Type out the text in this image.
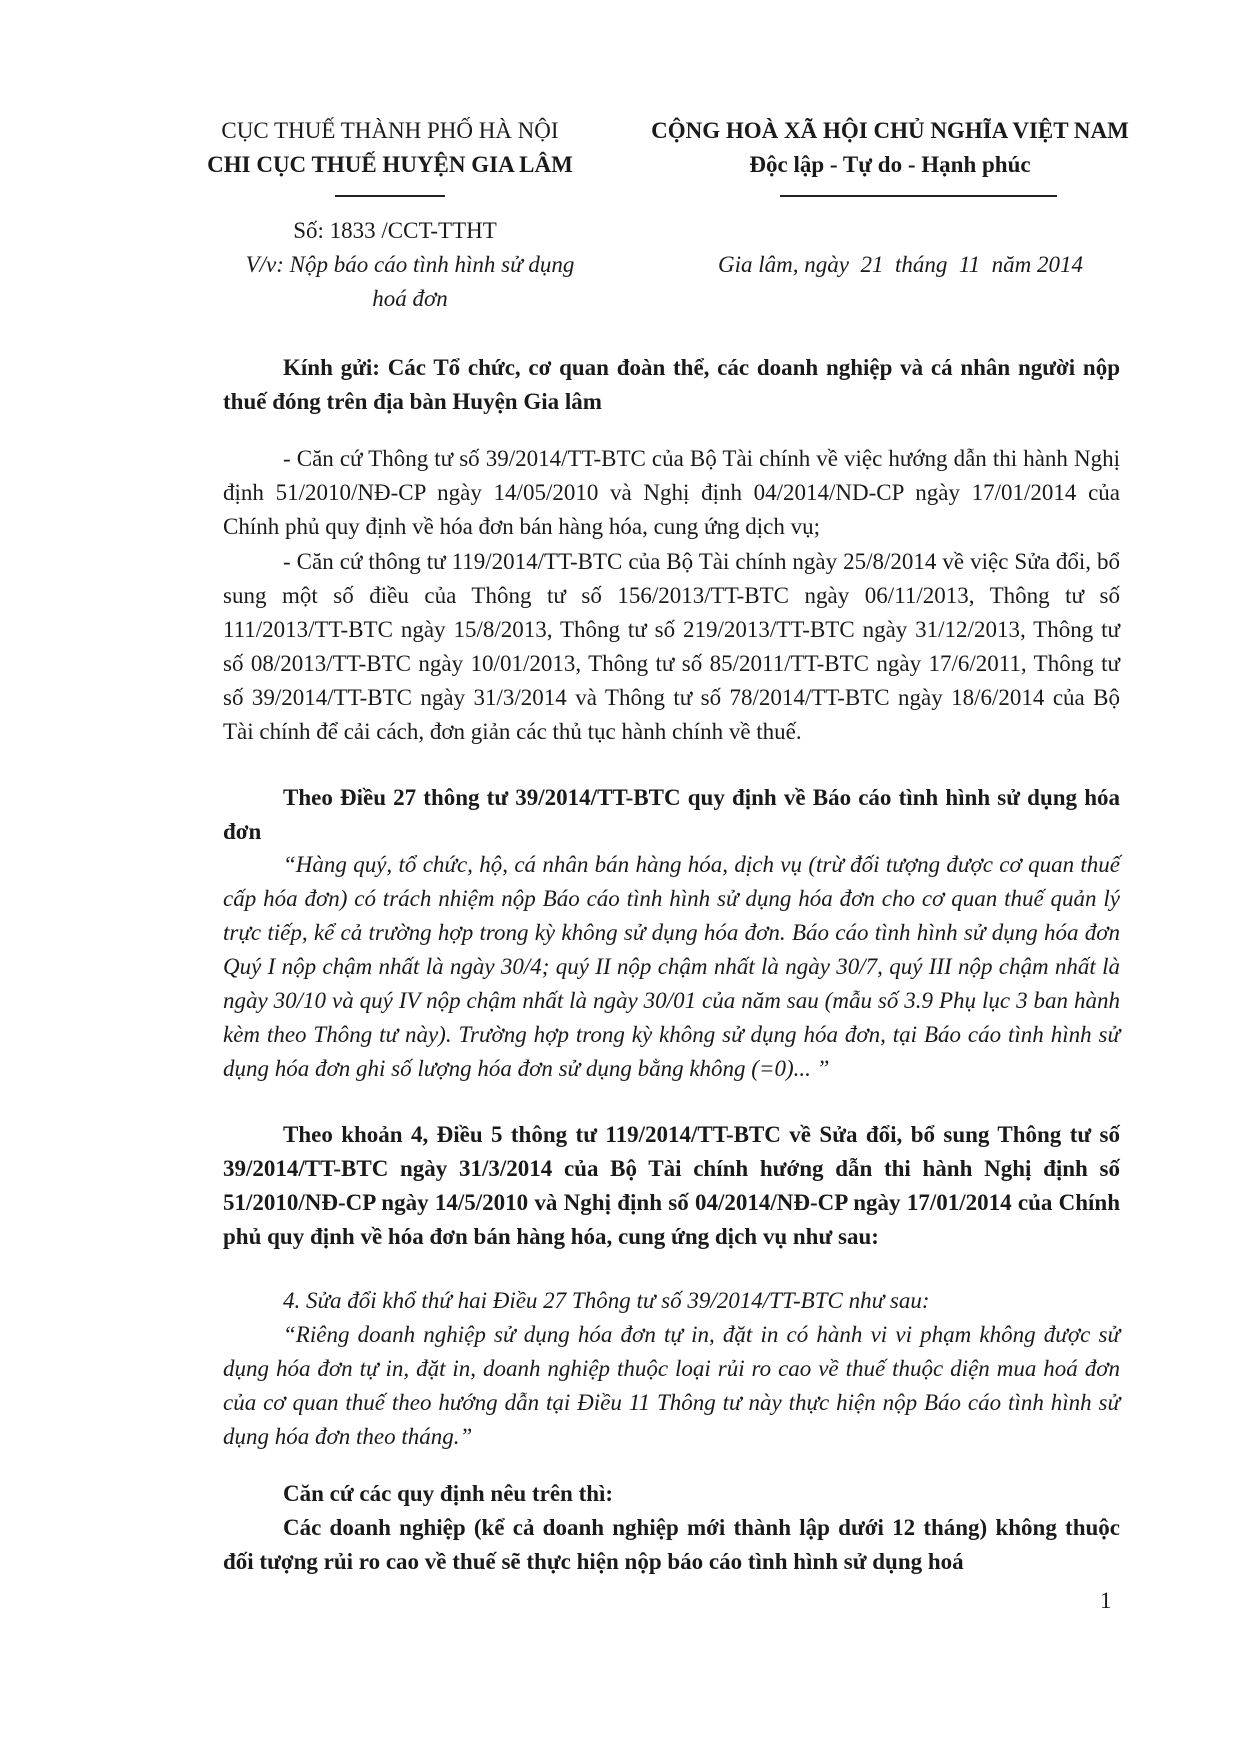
CỤC THUẾ THÀNH PHỐ HÀ NỘI
CHI CỤC THUẾ HUYỆN GIA LÂM
CỘNG HOÀ XÃ HỘI CHỦ NGHĨA VIỆT NAM
Độc lập - Tự do - Hạnh phúc
Số: 1833 /CCT-TTHT
V/v: Nộp báo cáo tình hình sử dụng
hoá đơn
Gia lâm, ngày  21  tháng  11  năm 2014

Kính gửi: Các Tổ chức, cơ quan đoàn thể, các doanh nghiệp và cá nhân người nộp thuế đóng trên địa bàn Huyện Gia lâm

- Căn cứ Thông tư số 39/2014/TT-BTC của Bộ Tài chính về việc hướng dẫn thi hành Nghị định 51/2010/NĐ-CP ngày 14/05/2010 và Nghị định 04/2014/ND-CP ngày 17/01/2014 của Chính phủ quy định về hóa đơn bán hàng hóa, cung ứng dịch vụ;

- Căn cứ thông tư 119/2014/TT-BTC của Bộ Tài chính ngày 25/8/2014 về việc Sửa đổi, bổ sung một số điều của Thông tư số 156/2013/TT-BTC ngày 06/11/2013, Thông tư số 111/2013/TT-BTC ngày 15/8/2013, Thông tư số 219/2013/TT-BTC ngày 31/12/2013, Thông tư số 08/2013/TT-BTC ngày 10/01/2013, Thông tư số 85/2011/TT-BTC ngày 17/6/2011, Thông tư số 39/2014/TT-BTC ngày 31/3/2014 và Thông tư số 78/2014/TT-BTC ngày 18/6/2014 của Bộ Tài chính để cải cách, đơn giản các thủ tục hành chính về thuế.

Theo Điều 27 thông tư 39/2014/TT-BTC quy định về Báo cáo tình hình sử dụng hóa đơn

“Hàng quý, tổ chức, hộ, cá nhân bán hàng hóa, dịch vụ (trừ đối tượng được cơ quan thuế cấp hóa đơn) có trách nhiệm nộp Báo cáo tình hình sử dụng hóa đơn cho cơ quan thuế quản lý trực tiếp, kể cả trường hợp trong kỳ không sử dụng hóa đơn. Báo cáo tình hình sử dụng hóa đơn Quý I nộp chậm nhất là ngày 30/4; quý II nộp chậm nhất là ngày 30/7, quý III nộp chậm nhất là ngày 30/10 và quý IV nộp chậm nhất là ngày 30/01 của năm sau (mẫu số 3.9 Phụ lục 3 ban hành kèm theo Thông tư này). Trường hợp trong kỳ không sử dụng hóa đơn, tại Báo cáo tình hình sử dụng hóa đơn ghi số lượng hóa đơn sử dụng bằng không (=0)... ”

Theo khoản 4, Điều 5 thông tư 119/2014/TT-BTC về Sửa đổi, bổ sung Thông tư số 39/2014/TT-BTC ngày 31/3/2014 của Bộ Tài chính hướng dẫn thi hành Nghị định số 51/2010/NĐ-CP ngày 14/5/2010 và Nghị định số 04/2014/NĐ-CP ngày 17/01/2014 của Chính phủ quy định về hóa đơn bán hàng hóa, cung ứng dịch vụ như sau:

4. Sửa đổi khổ thứ hai Điều 27 Thông tư số 39/2014/TT-BTC như sau:

“Riêng doanh nghiệp sử dụng hóa đơn tự in, đặt in có hành vi vi phạm không được sử dụng hóa đơn tự in, đặt in, doanh nghiệp thuộc loại rủi ro cao về thuế thuộc diện mua hoá đơn của cơ quan thuế theo hướng dẫn tại Điều 11 Thông tư này thực hiện nộp Báo cáo tình hình sử dụng hóa đơn theo tháng.”

Căn cứ các quy định nêu trên thì:

Các doanh nghiệp (kể cả doanh nghiệp mới thành lập dưới 12 tháng) không thuộc đối tượng rủi ro cao về thuế sẽ thực hiện nộp báo cáo tình hình sử dụng hoá

1
